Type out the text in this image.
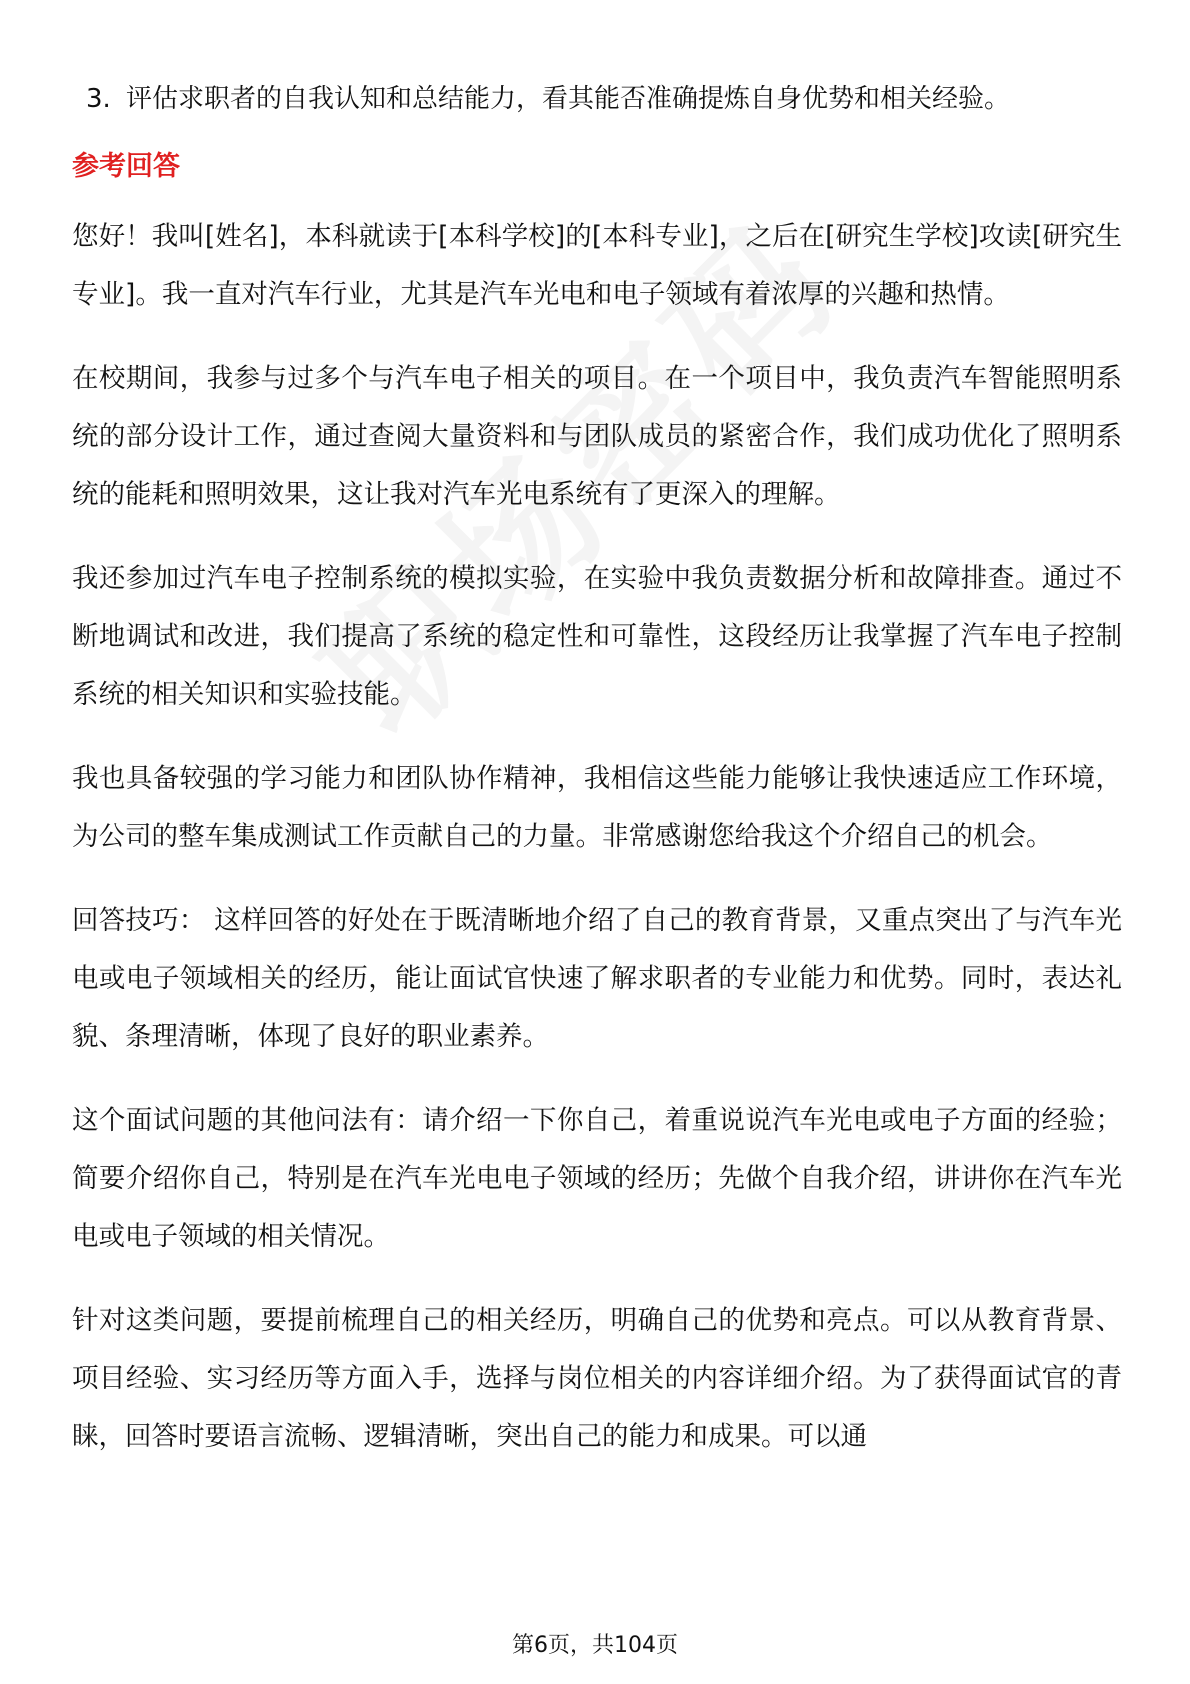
3. 评估求职者的自我认知和总结能力，看其能否准确提炼自身优势和相关经验。
参考回答

您好！我叫[姓名]，本科就读于[本科学校]的[本科专业]，之后在[研究生学校]攻读[研究生专业]。我一直对汽车行业，尤其是汽车光电和电子领域有着浓厚的兴趣和热情。

在校期间，我参与过多个与汽车电子相关的项目。在一个项目中，我负责汽车智能照明系统的部分设计工作，通过查阅大量资料和与团队成员的紧密合作，我们成功优化了照明系统的能耗和照明效果，这让我对汽车光电系统有了更深入的理解。

我还参加过汽车电子控制系统的模拟实验，在实验中我负责数据分析和故障排查。通过不断地调试和改进，我们提高了系统的稳定性和可靠性，这段经历让我掌握了汽车电子控制系统的相关知识和实验技能。

我也具备较强的学习能力和团队协作精神，我相信这些能力能够让我快速适应工作环境，为公司的整车集成测试工作贡献自己的力量。非常感谢您给我这个介绍自己的机会。

回答技巧： 这样回答的好处在于既清晰地介绍了自己的教育背景，又重点突出了与汽车光电或电子领域相关的经历，能让面试官快速了解求职者的专业能力和优势。同时，表达礼貌、条理清晰，体现了良好的职业素养。

这个面试问题的其他问法有：请介绍一下你自己，着重说说汽车光电或电子方面的经验；简要介绍你自己，特别是在汽车光电电子领域的经历；先做个自我介绍，讲讲你在汽车光电或电子领域的相关情况。

针对这类问题，要提前梳理自己的相关经历，明确自己的优势和亮点。可以从教育背景、项目经验、实习经历等方面入手，选择与岗位相关的内容详细介绍。为了获得面试官的青睐，回答时要语言流畅、逻辑清晰，突出自己的能力和成果。可以通

第6页，共104页
